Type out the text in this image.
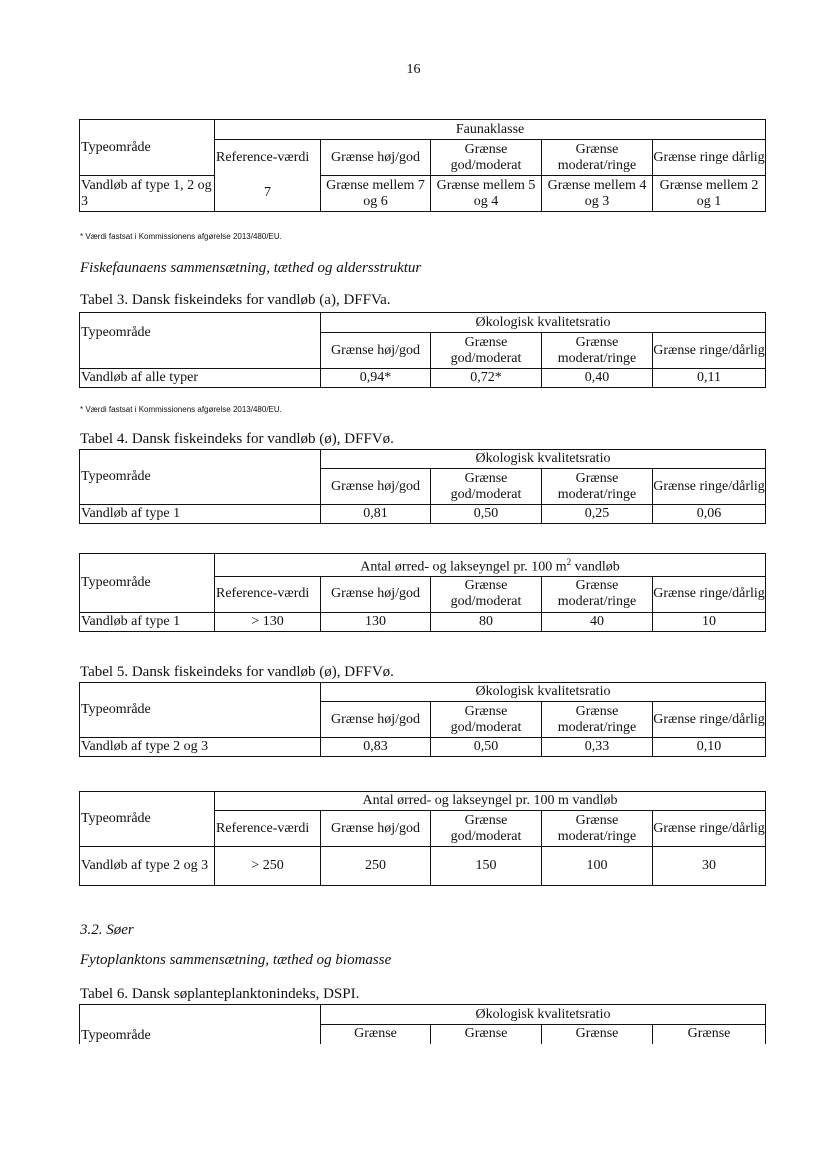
16
Typeområde	Faunaklasse				
	Reference-værdi	Grænse høj/god	Grænse god/moderat	Grænse moderat/ringe	Grænse ringe dårlig
Vandløb af type 1, 2 og 3	7	Grænse mellem 7 og 6	Grænse mellem 5 og 4	Grænse mellem 4 og 3	Grænse mellem 2 og 1
* Værdi fastsat i Kommissionens afgørelse 2013/480/EU.
Fiskefaunaens sammensætning, tæthed og aldersstruktur
Tabel 3. Dansk fiskeindeks for vandløb (a), DFFVa.
Typeområde	Økologisk kvalitetsratio			
	Grænse høj/god	Grænse god/moderat	Grænse moderat/ringe	Grænse ringe/dårlig
Vandløb af alle typer	0,94*	0,72*	0,40	0,11
* Værdi fastsat i Kommissionens afgørelse 2013/480/EU.
Tabel 4. Dansk fiskeindeks for vandløb (ø), DFFVø.
Typeområde	Økologisk kvalitetsratio			
	Grænse høj/god	Grænse god/moderat	Grænse moderat/ringe	Grænse ringe/dårlig
Vandløb af type 1	0,81	0,50	0,25	0,06
Typeområde	Antal ørred- og lakseyngel pr. 100 $m^2$ vandløb				
	Reference-værdi	Grænse høj/god	Grænse god/moderat	Grænse moderat/ringe	Grænse ringe/dårlig
Vandløb af type 1	> 130	130	80	40	10
Tabel 5. Dansk fiskeindeks for vandløb (ø), DFFVø.
Typeområde	Økologisk kvalitetsratio			
	Grænse høj/god	Grænse god/moderat	Grænse moderat/ringe	Grænse ringe/dårlig
Vandløb af type 2 og 3	0,83	0,50	0,33	0,10
Typeområde	Antal ørred- og lakseyngel pr. 100 m vandløb				
	Reference-værdi	Grænse høj/god	Grænse god/moderat	Grænse moderat/ringe	Grænse ringe/dårlig
Vandløb af type 2 og 3	> 250	250	150	100	30
3.2. Søer
Fytoplanktons sammensætning, tæthed og biomasse
Tabel 6. Dansk søplanteplanktonindeks, DSPI.
Typeområde	Økologisk kvalitetsratio			
	Grænse	Grænse	Grænse	Grænse
